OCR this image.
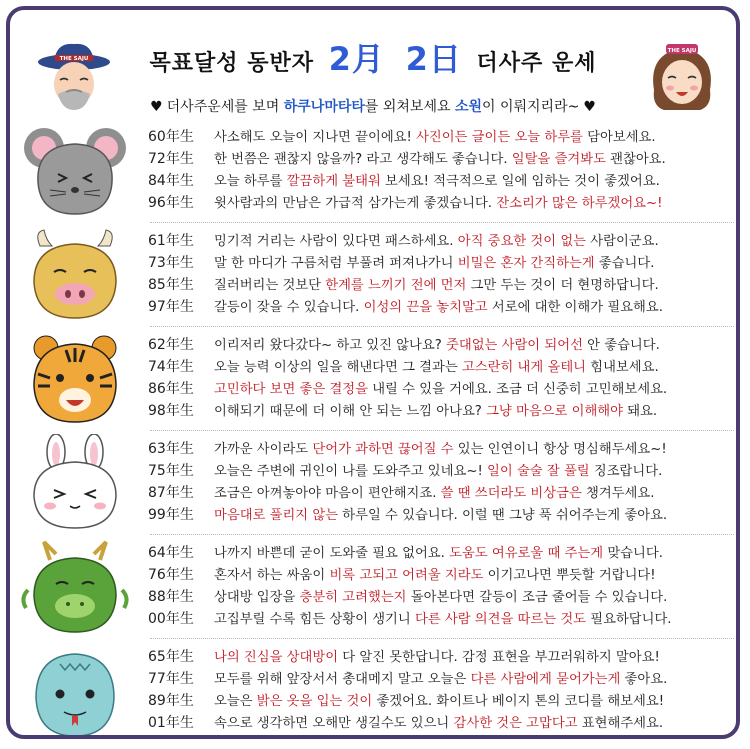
THE SAJU
THE SAJU
목표달성 동반자 2月 2日 더사주 운세
♥ 더사주운세를 보며 하쿠나마타타를 외쳐보세요 소원이 이뤄지리라~ ♥
60年生 사소해도 오늘이 지나면 끝이에요! 사진이든 글이든 오늘 하루를 담아보세요.
72年生 한 번쯤은 괜찮지 않을까? 라고 생각해도 좋습니다. 일탈을 즐겨봐도 괜찮아요.
84年生 오늘 하루를 깔끔하게 불태워 보세요! 적극적으로 일에 임하는 것이 좋겠어요.
96年生 윗사람과의 만남은 가급적 삼가는게 좋겠습니다. 잔소리가 많은 하루겠어요~!
61年生 밍기적 거리는 사람이 있다면 패스하세요. 아직 중요한 것이 없는 사람이군요.
73年生 말 한 마디가 구름처럼 부풀려 퍼져나가니 비밀은 혼자 간직하는게 좋습니다.
85年生 질러버리는 것보단 한계를 느끼기 전에 먼저 그만 두는 것이 더 현명하답니다.
97年生 갈등이 잦을 수 있습니다. 이성의 끈을 놓치말고 서로에 대한 이해가 필요해요.
62年生 이리저리 왔다갔다~ 하고 있진 않나요? 줏대없는 사람이 되어선 안 좋습니다.
74年生 오늘 능력 이상의 일을 해낸다면 그 결과는 고스란히 내게 올테니 힘내보세요.
86年生 고민하다 보면 좋은 결정을 내릴 수 있을 거에요. 조금 더 신중히 고민해보세요.
98年生 이해되기 때문에 더 이해 안 되는 느낌 아나요? 그냥 마음으로 이해해야 돼요.
63年生 가까운 사이라도 단어가 과하면 끊어질 수 있는 인연이니 항상 명심해두세요~!
75年生 오늘은 주변에 귀인이 나를 도와주고 있네요~! 일이 술술 잘 풀릴 징조랍니다.
87年生 조금은 아껴놓아야 마음이 편안해지죠. 쓸 땐 쓰더라도 비상금은 챙겨두세요.
99年生 마음대로 풀리지 않는 하루일 수 있습니다. 이럴 땐 그냥 푹 쉬어주는게 좋아요.
64年生 나까지 바쁜데 굳이 도와줄 필요 없어요. 도움도 여유로울 때 주는게 맞습니다.
76年生 혼자서 하는 싸움이 비록 고되고 어려울 지라도 이기고나면 뿌듯할 거랍니다!
88年生 상대방 입장을 충분히 고려했는지 돌아본다면 갈등이 조금 줄어들 수 있습니다.
00年生 고집부릴 수록 힘든 상황이 생기니 다른 사람 의견을 따르는 것도 필요하답니다.
65年生 나의 진심을 상대방이 다 알진 못한답니다. 감정 표현을 부끄러워하지 말아요!
77年生 모두를 위해 앞장서서 총대메지 말고 오늘은 다른 사람에게 묻어가는게 좋아요.
89年生 오늘은 밝은 옷을 입는 것이 좋겠어요. 화이트나 베이지 톤의 코디를 해보세요!
01年生 속으로 생각하면 오해만 생길수도 있으니 감사한 것은 고맙다고 표현해주세요.
